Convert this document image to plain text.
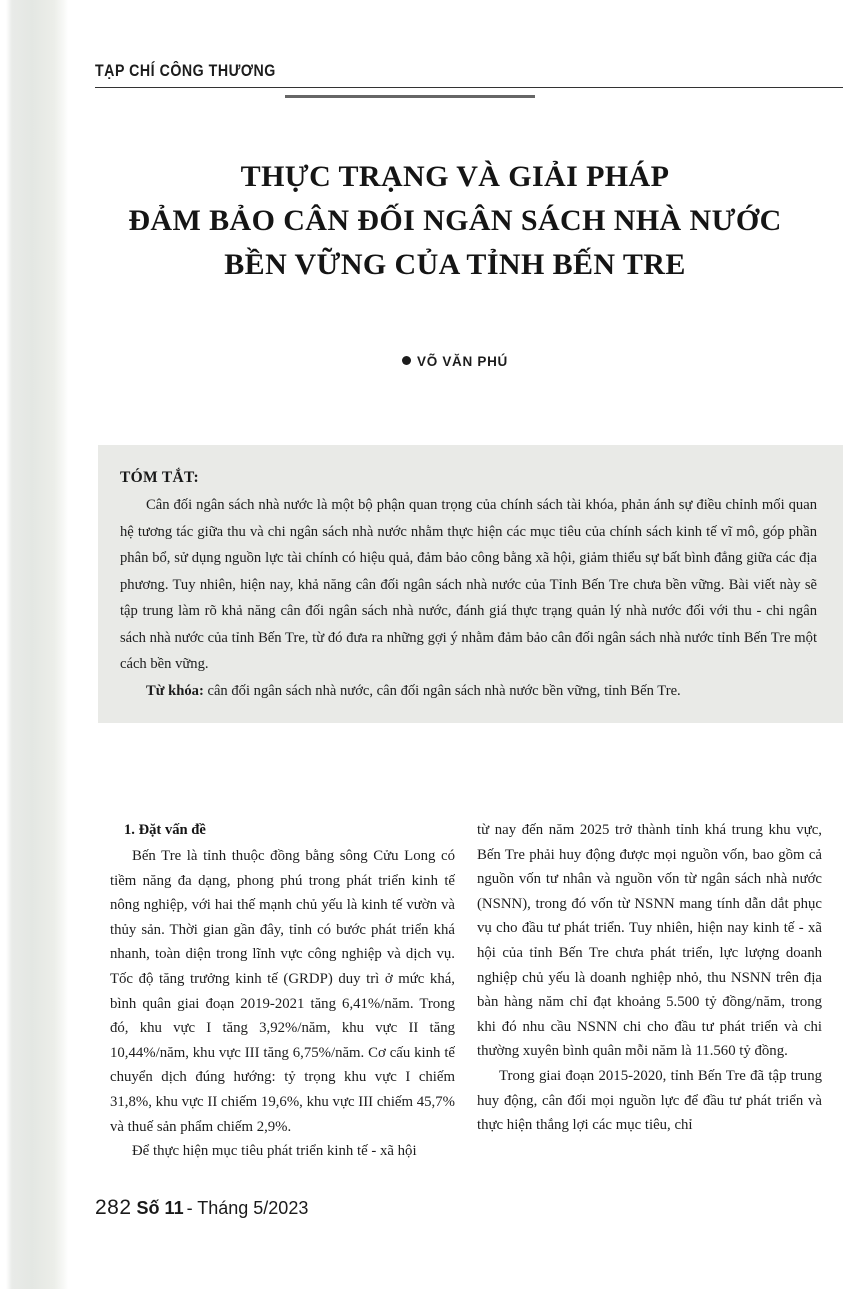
TẠP CHÍ CÔNG THƯƠNG
THỰC TRẠNG VÀ GIẢI PHÁP
ĐẢM BẢO CÂN ĐỐI NGÂN SÁCH NHÀ NƯỚC
BỀN VỮNG CỦA TỈNH BẾN TRE
VÕ VĂN PHÚ
TÓM TẮT:

Cân đối ngân sách nhà nước là một bộ phận quan trọng của chính sách tài khóa, phản ánh sự điều chỉnh mối quan hệ tương tác giữa thu và chi ngân sách nhà nước nhằm thực hiện các mục tiêu của chính sách kinh tế vĩ mô, góp phần phân bổ, sử dụng nguồn lực tài chính có hiệu quả, đảm bảo công bằng xã hội, giảm thiểu sự bất bình đẳng giữa các địa phương. Tuy nhiên, hiện nay, khả năng cân đối ngân sách nhà nước của Tỉnh Bến Tre chưa bền vững. Bài viết này sẽ tập trung làm rõ khả năng cân đối ngân sách nhà nước, đánh giá thực trạng quản lý nhà nước đối với thu - chi ngân sách nhà nước của tỉnh Bến Tre, từ đó đưa ra những gợi ý nhằm đảm bảo cân đối ngân sách nhà nước tỉnh Bến Tre một cách bền vững.

Từ khóa: cân đối ngân sách nhà nước, cân đối ngân sách nhà nước bền vững, tỉnh Bến Tre.

1. Đặt vấn đề

Bến Tre là tỉnh thuộc đồng bằng sông Cửu Long có tiềm năng đa dạng, phong phú trong phát triển kinh tế nông nghiệp, với hai thế mạnh chủ yếu là kinh tế vườn và thủy sản. Thời gian gần đây, tỉnh có bước phát triển khá nhanh, toàn diện trong lĩnh vực công nghiệp và dịch vụ. Tốc độ tăng trưởng kinh tế (GRDP) duy trì ở mức khá, bình quân giai đoạn 2019-2021 tăng 6,41%/năm. Trong đó, khu vực I tăng 3,92%/năm, khu vực II tăng 10,44%/năm, khu vực III tăng 6,75%/năm. Cơ cấu kinh tế chuyển dịch đúng hướng: tỷ trọng khu vực I chiếm 31,8%, khu vực II chiếm 19,6%, khu vực III chiếm 45,7% và thuế sản phẩm chiếm 2,9%.

Để thực hiện mục tiêu phát triển kinh tế - xã hội

từ nay đến năm 2025 trở thành tỉnh khá trung khu vực, Bến Tre phải huy động được mọi nguồn vốn, bao gồm cả nguồn vốn tư nhân và nguồn vốn từ ngân sách nhà nước (NSNN), trong đó vốn từ NSNN mang tính dẫn dắt phục vụ cho đầu tư phát triển. Tuy nhiên, hiện nay kinh tế - xã hội của tỉnh Bến Tre chưa phát triển, lực lượng doanh nghiệp chủ yếu là doanh nghiệp nhỏ, thu NSNN trên địa bàn hàng năm chỉ đạt khoảng 5.500 tỷ đồng/năm, trong khi đó nhu cầu NSNN chi cho đầu tư phát triển và chi thường xuyên bình quân mỗi năm là 11.560 tỷ đồng.

Trong giai đoạn 2015-2020, tỉnh Bến Tre đã tập trung huy động, cân đối mọi nguồn lực để đầu tư phát triển và thực hiện thắng lợi các mục tiêu, chỉ

282 Số 11 - Tháng 5/2023
